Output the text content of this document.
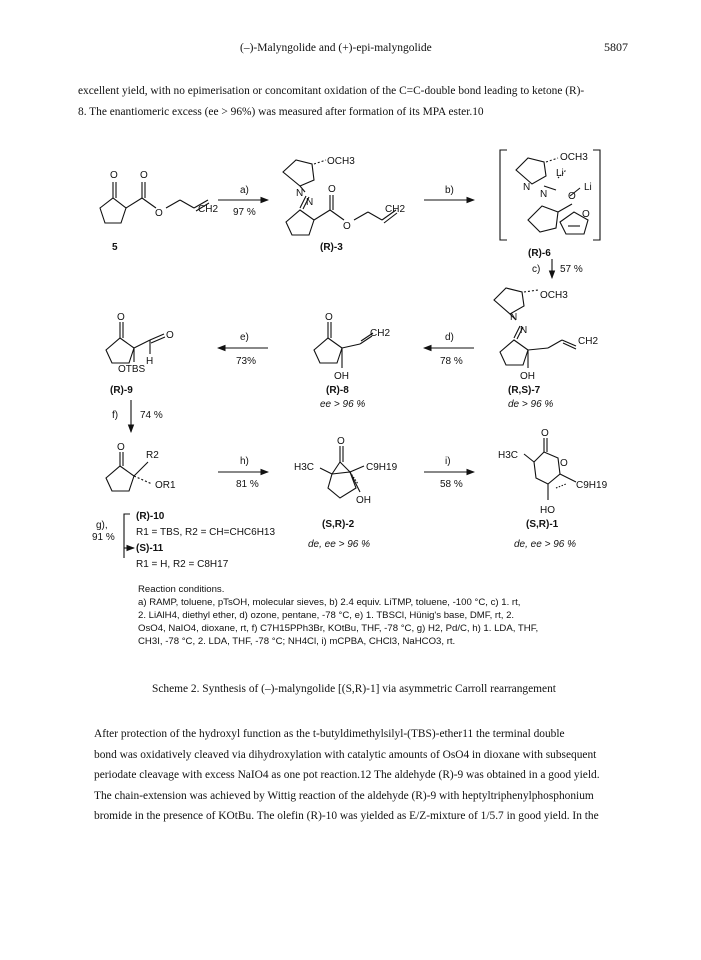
(–)-Malyngolide and (+)-epi-malyngolide	5807
excellent yield, with no epimerisation or concomitant oxidation of the C=C-double bond leading to ketone (R)-
8. The enantiomeric excess (ee > 96%) was measured after formation of its MPA ester.10
O O
O	CH2
5
a)
97 %
OCH3
N
N
O
O
CH2
(R)-3
b)
OCH3
N
N
Li
O
Li
O
(R)-6
c) 57 %
OCH3
N
N
CH2
OH
(R,S)-7
de > 96 %
d)
78 %
O
CH2
OH
(R)-8
ee > 96 %
e)
73%
O
O
H
OTBS
(R)-9
f) 74 %
O
R2
OR1
g),
91 %
(R)-10
R1 = TBS, R2 = CH=CHC6H13
(S)-11
R1 = H, R2 = C8H17
h)
81 %
O
H3C	C9H19
OH
(S,R)-2
de, ee > 96 %
i)
58 %
O
H3C
O
C9H19
HO
(S,R)-1
de, ee > 96 %

Reaction conditions.

a) RAMP, toluene, pTsOH, molecular sieves, b) 2.4 equiv. LiTMP, toluene, -100 °C, c) 1. rt,

2. LiAlH4, diethyl ether, d) ozone, pentane, -78 °C, e) 1. TBSCl, Hünig's base, DMF, rt, 2.

OsO4, NaIO4, dioxane, rt, f) C7H15PPh3Br, KOtBu, THF, -78 °C, g) H2, Pd/C, h) 1. LDA, THF,

CH3I, -78 °C, 2. LDA, THF, -78 °C; NH4Cl, i) mCPBA, CHCl3, NaHCO3, rt.

Scheme 2. Synthesis of (–)-malyngolide [(S,R)-1] via asymmetric Carroll rearrangement
After protection of the hydroxyl function as the t-butyldimethylsilyl-(TBS)-ether11 the terminal double
bond was oxidatively cleaved via dihydroxylation with catalytic amounts of OsO4 in dioxane with subsequent
periodate cleavage with excess NaIO4 as one pot reaction.12 The aldehyde (R)-9 was obtained in a good yield.
The chain-extension was achieved by Wittig reaction of the aldehyde (R)-9 with heptyltriphenylphosphonium
bromide in the presence of KOtBu. The olefin (R)-10 was yielded as E/Z-mixture of 1/5.7 in good yield. In the
